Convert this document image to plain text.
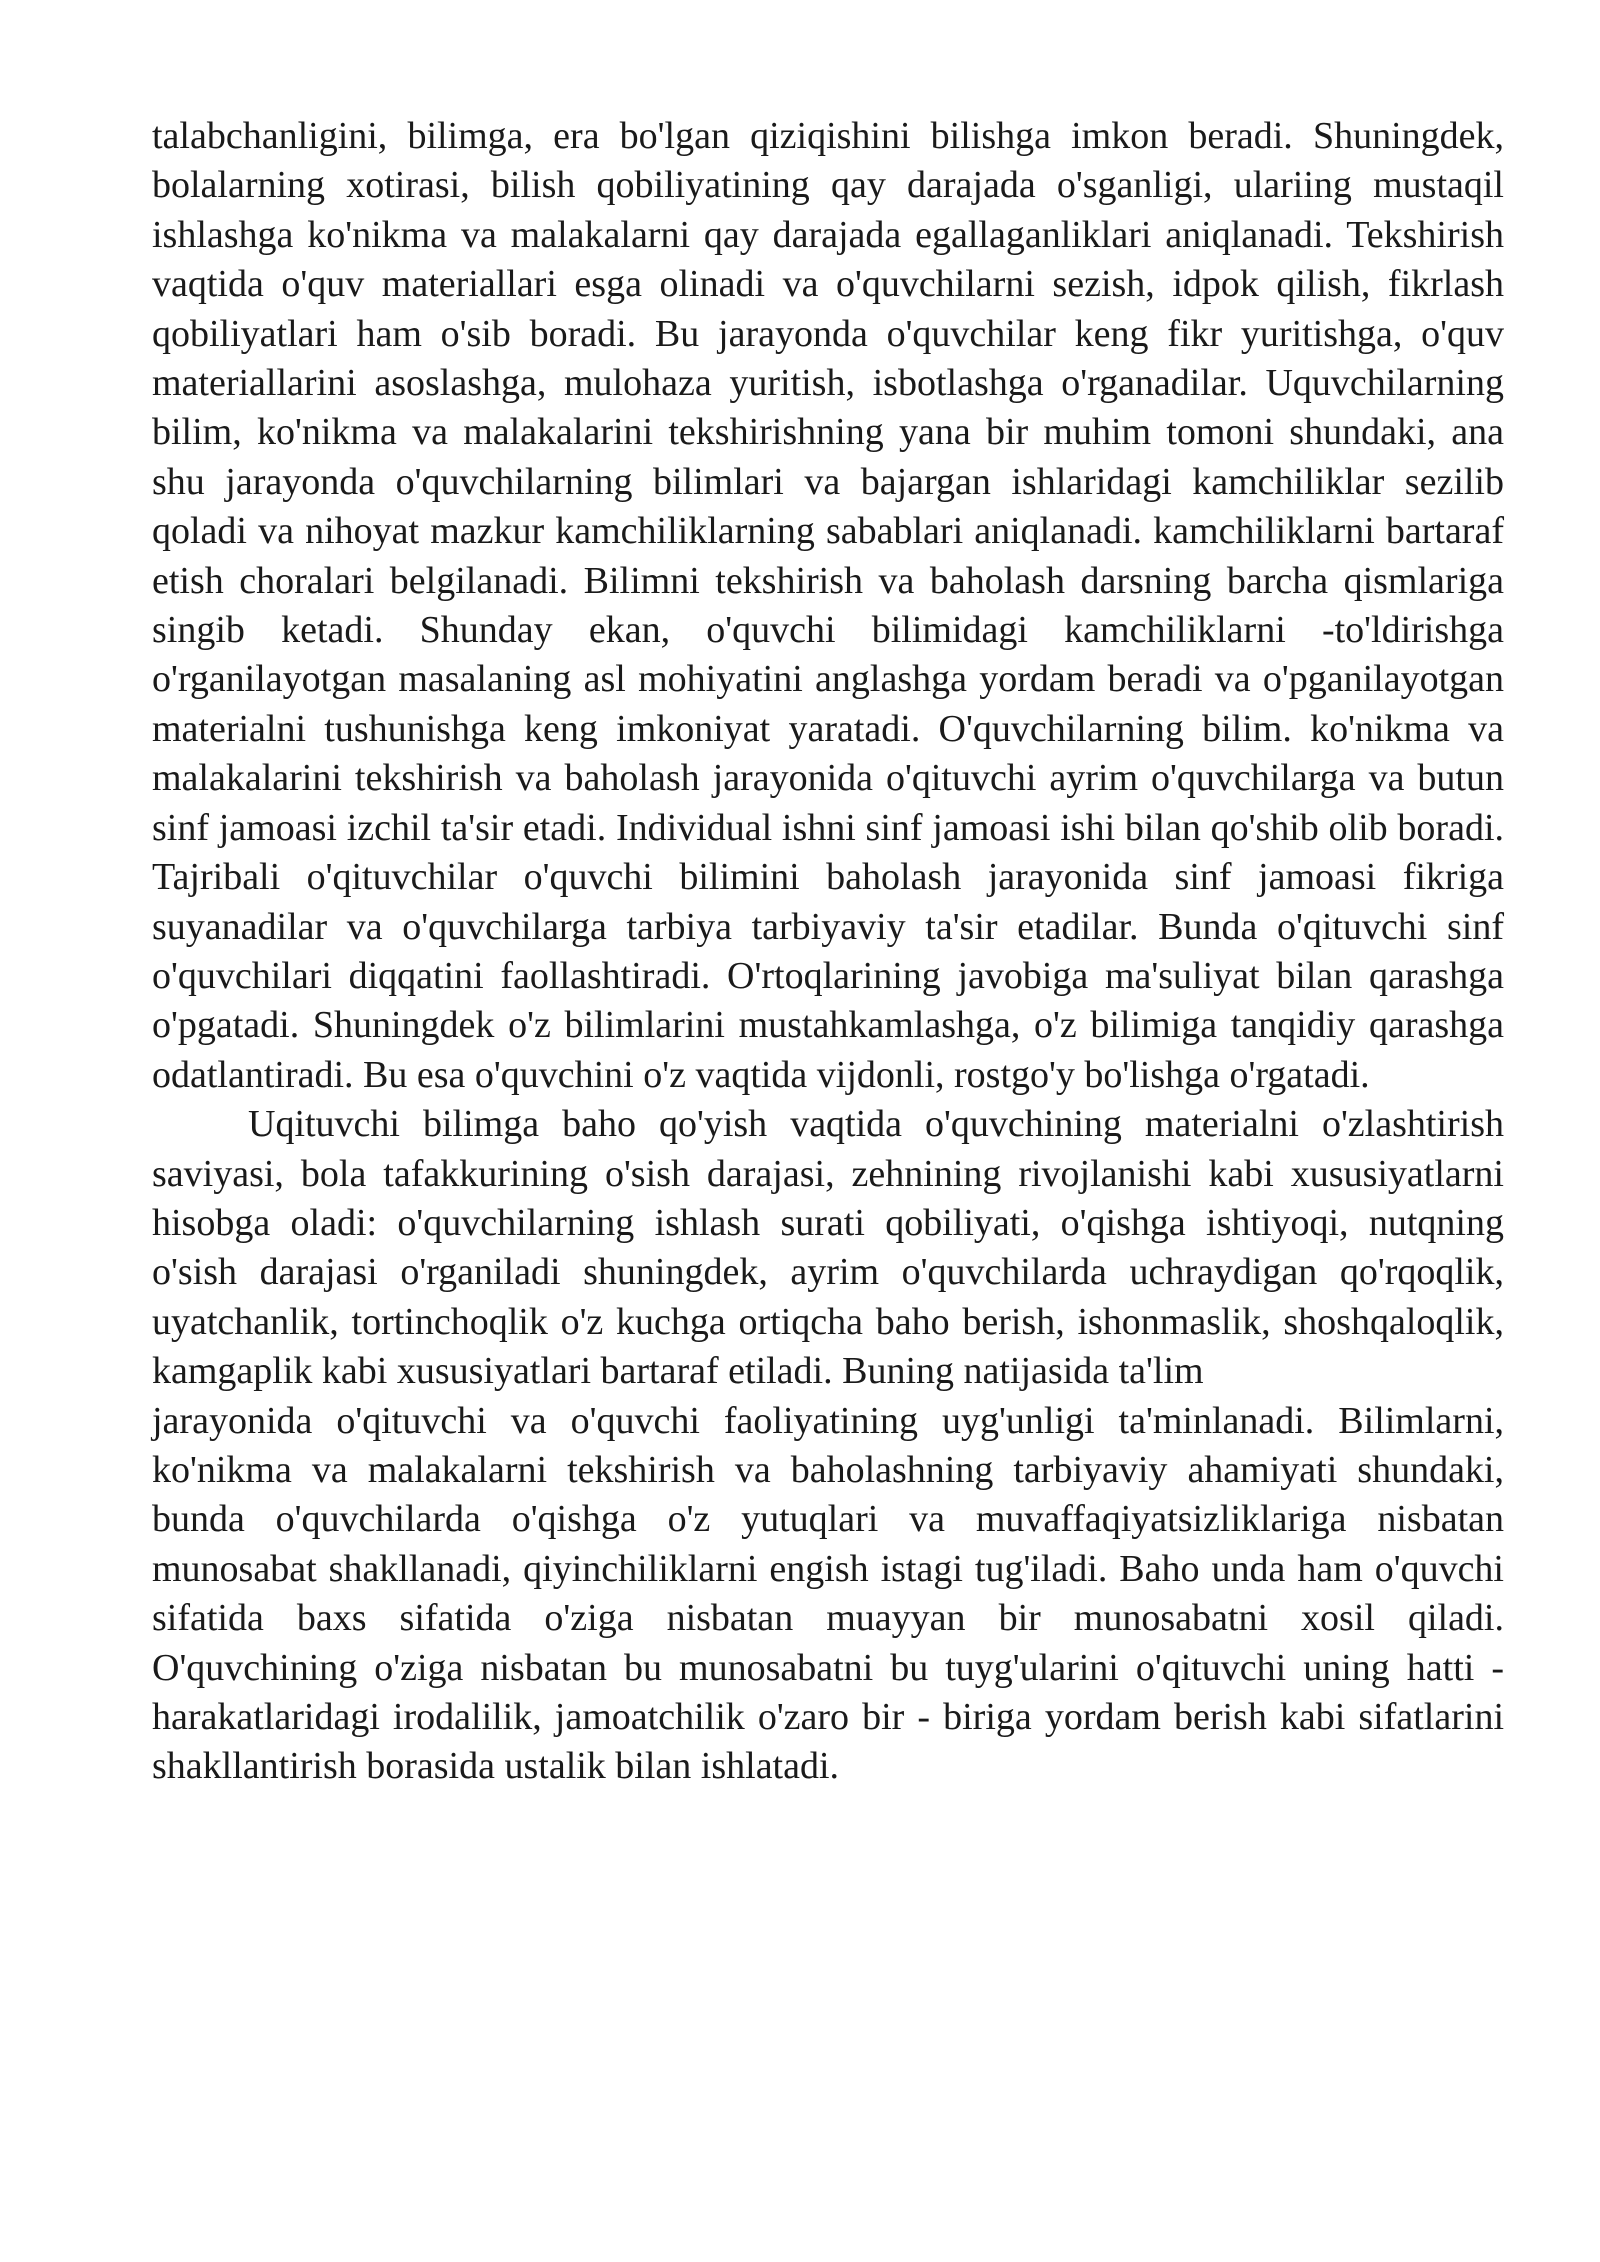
talabchanligini, bilimga, era bo'lgan qiziqishini bilishga imkon beradi. Shuningdek, bolalarning xotirasi, bilish qobiliyatining qay darajada o'sganligi, ulariing mustaqil ishlashga ko'nikma va malakalarni qay darajada egallaganliklari aniqlanadi. Tekshirish vaqtida o'quv materiallari esga olinadi va o'quvchilarni sezish, idpok qilish, fikrlash qobiliyatlari ham o'sib boradi. Bu jarayonda o'quvchilar keng fikr yuritishga, o'quv materiallarini asoslashga, mulohaza yuritish, isbotlashga o'rganadilar. Uquvchilarning bilim, ko'nikma va malakalarini tekshirishning yana bir muhim tomoni shundaki, ana shu jarayonda o'quvchilarning bilimlari va bajargan ishlaridagi kamchiliklar sezilib qoladi va nihoyat mazkur kamchiliklarning sabablari aniqlanadi. kamchiliklarni bartaraf etish choralari belgilanadi. Bilimni tekshirish va baholash darsning barcha qismlariga singib ketadi. Shunday ekan, o'quvchi bilimidagi kamchiliklarni -to'ldirishga o'rganilayotgan masalaning asl mohiyatini anglashga yordam beradi va o'pganilayotgan materialni tushunishga keng imkoniyat yaratadi. O'quvchilarning bilim. ko'nikma va malakalarini tekshirish va baholash jarayonida o'qituvchi ayrim o'quvchilarga va butun sinf jamoasi izchil ta'sir etadi. Individual ishni sinf jamoasi ishi bilan qo'shib olib boradi. Tajribali o'qituvchilar o'quvchi bilimini baholash jarayonida sinf jamoasi fikriga suyanadilar va o'quvchilarga tarbiya tarbiyaviy ta'sir etadilar. Bunda o'qituvchi sinf o'quvchilari diqqatini faollashtiradi. O'rtoqlarining javobiga ma'suliyat bilan qarashga o'pgatadi. Shuningdek o'z bilimlarini mustahkamlashga, o'z bilimiga tanqidiy qarashga odatlantiradi. Bu esa o'quvchini o'z vaqtida vijdonli, rostgo'y bo'lishga o'rgatadi.

Uqituvchi bilimga baho qo'yish vaqtida o'quvchining materialni o'zlashtirish saviyasi, bola tafakkurining o'sish darajasi, zehnining rivojlanishi kabi xususiyatlarni hisobga oladi: o'quvchilarning ishlash surati qobiliyati, o'qishga ishtiyoqi, nutqning o'sish darajasi o'rganiladi shuningdek, ayrim o'quvchilarda uchraydigan qo'rqoqlik, uyatchanlik, tortinchoqlik o'z kuchga ortiqcha baho berish, ishonmaslik, shoshqaloqlik, kamgaplik kabi xususiyatlari bartaraf etiladi. Buning natijasida ta'lim

jarayonida o'qituvchi va o'quvchi faoliyatining uyg'unligi ta'minlanadi. Bilimlarni, ko'nikma va malakalarni tekshirish va baholashning tarbiyaviy ahamiyati shundaki, bunda o'quvchilarda o'qishga o'z yutuqlari va muvaffaqiyatsizliklariga nisbatan munosabat shakllanadi, qiyinchiliklarni engish istagi tug'iladi. Baho unda ham o'quvchi sifatida baxs sifatida o'ziga nisbatan muayyan bir munosabatni xosil qiladi. O'quvchining o'ziga nisbatan bu munosabatni bu tuyg'ularini o'qituvchi uning hatti - harakatlaridagi irodalilik, jamoatchilik o'zaro bir - biriga yordam berish kabi sifatlarini shakllantirish borasida ustalik bilan ishlatadi.
